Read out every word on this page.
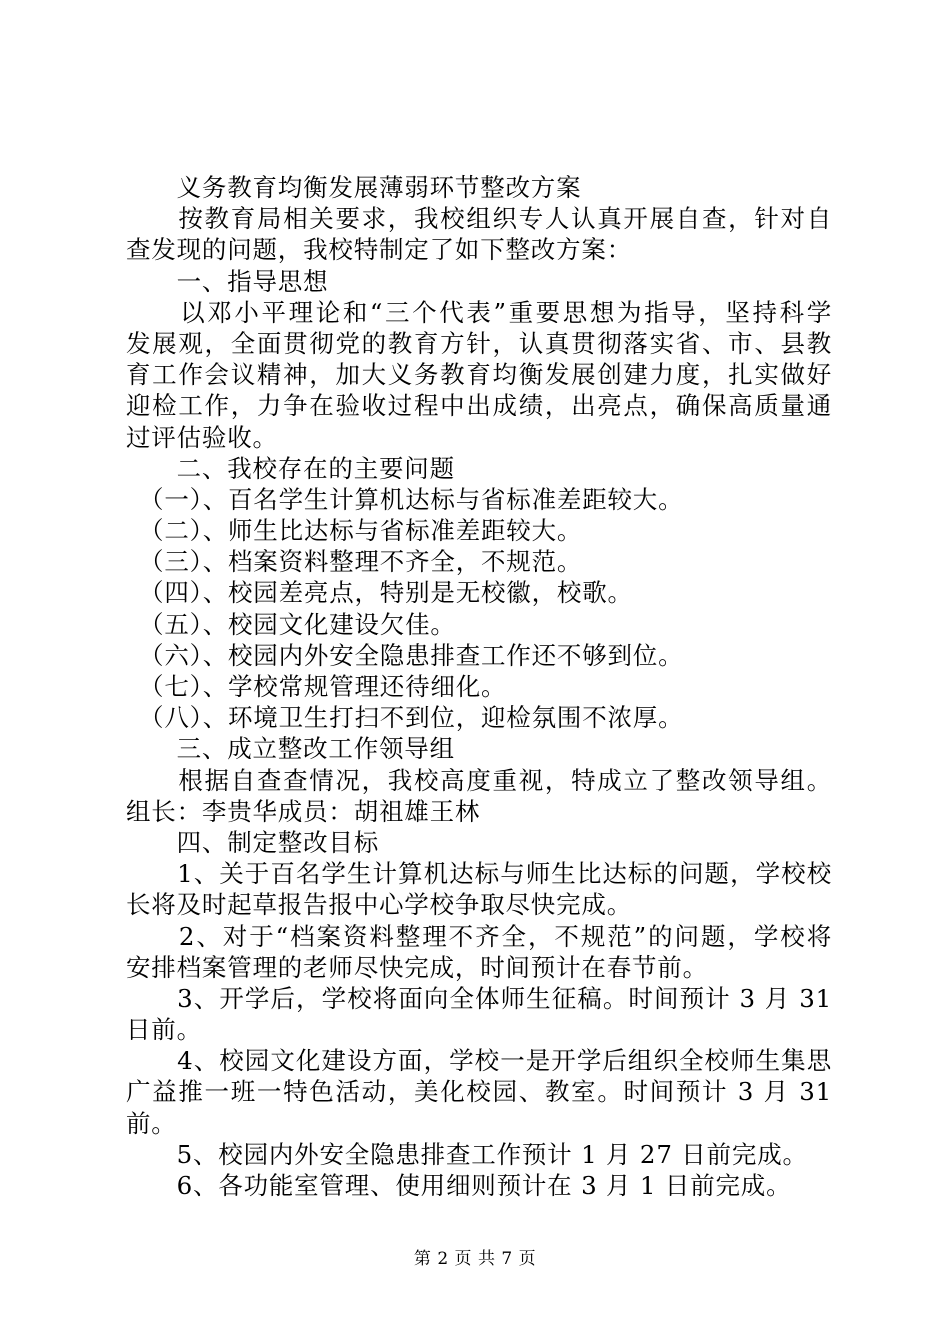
　　义务教育均衡发展薄弱环节整改方案
　　按教育局相关要求，我校组织专人认真开展自查，针对自
查发现的问题，我校特制定了如下整改方案：
　　一、指导思想
　　以邓小平理论和“三个代表”重要思想为指导，坚持科学
发展观，全面贯彻党的教育方针，认真贯彻落实省、市、县教
育工作会议精神，加大义务教育均衡发展创建力度，扎实做好
迎检工作，力争在验收过程中出成绩，出亮点，确保高质量通
过评估验收。
　　二、我校存在的主要问题
　（一）、百名学生计算机达标与省标准差距较大。
　（二）、师生比达标与省标准差距较大。
　（三）、档案资料整理不齐全，不规范。
　（四）、校园差亮点，特别是无校徽，校歌。
　（五）、校园文化建设欠佳。
　（六）、校园内外安全隐患排查工作还不够到位。
　（七）、学校常规管理还待细化。
　（八）、环境卫生打扫不到位，迎检氛围不浓厚。
　　三、成立整改工作领导组
　　根据自查查情况，我校高度重视，特成立了整改领导组。
组长：李贵华成员：胡祖雄王林
　　四、制定整改目标
　　1、关于百名学生计算机达标与师生比达标的问题，学校校
长将及时起草报告报中心学校争取尽快完成。
　　2、对于“档案资料整理不齐全，不规范”的问题，学校将
安排档案管理的老师尽快完成，时间预计在春节前。
　　3、开学后，学校将面向全体师生征稿。时间预计 3 月 31
日前。
　　4、校园文化建设方面，学校一是开学后组织全校师生集思
广益推一班一特色活动，美化校园、教室。时间预计 3 月 31
前。
　　5、校园内外安全隐患排查工作预计 1 月 27 日前完成。
　　6、各功能室管理、使用细则预计在 3 月 1 日前完成。
第 2 页 共 7 页
